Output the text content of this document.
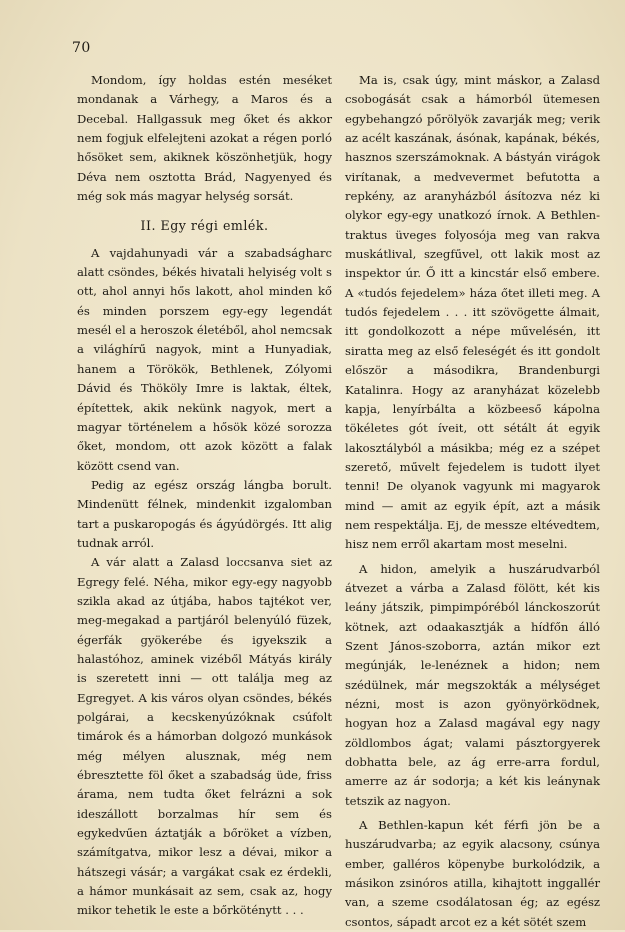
70

Mondom, így holdas estén meséket mondanak a Várhegy, a Maros és a Decebal. Hallgassuk meg őket és akkor nem fogjuk elfelejteni azokat a régen porló hősöket sem, akiknek köszönhetjük, hogy Déva nem osztotta Brád, Nagyenyed és még sok más magyar helység sorsát.

II. Egy régi emlék.

A vajdahunyadi vár a szabadságharc alatt csöndes, békés hivatali helyiség volt s ott, ahol annyi hős lakott, ahol minden kő és minden porszem egy-egy legendát mesél el a heroszok életéből, ahol nemcsak a világhírű nagyok, mint a Hunyadiak, hanem a Törökök, Bethlenek, Zólyomi Dávid és Thököly Imre is laktak, éltek, építettek, akik nekünk nagyok, mert a magyar történelem a hősök közé sorozza őket, mondom, ott azok között a falak között csend van.

Pedig az egész ország lángba borult. Mindenütt félnek, mindenkit izgalomban tart a puskaropogás és ágyúdörgés. Itt alig tudnak arról.

A vár alatt a Zalasd loccsanva siet az Egregy felé. Néha, mikor egy-egy nagyobb szikla akad az útjába, habos tajtékot ver, meg-megakad a partjáról belenyúló füzek, égerfák gyökerébe és igyekszik a halastóhoz, aminek vizéből Mátyás király is szeretett inni — ott találja meg az Egregyet. A kis város olyan csöndes, békés polgárai, a kecskenyúzóknak csúfolt timárok és a hámorban dolgozó munkások még mélyen alusznak, még nem ébresztette föl őket a szabadság üde, friss árama, nem tudta őket felrázni a sok ideszállott borzalmas hír sem és egykedvűen áztatják a bőröket a vízben, számítgatva, mikor lesz a dévai, mikor a hátszegi vásár; a vargákat csak ez érdekli, a hámor munkásait az sem, csak az, hogy mikor tehetik le este a bőrköténytt . . .

Ma is, csak úgy, mint máskor, a Zalasd csobogását csak a hámorból ütemesen egybehangzó pőrölyök zavarják meg; verik az acélt kaszának, ásónak, kapának, békés, hasznos szerszámoknak. A bástyán virágok virítanak, a medvevermet befutotta a repkény, az aranyházból ásítozva néz ki olykor egy-egy unatkozó írnok. A Bethlen-traktus üveges folyosója meg van rakva muskátlival, szegfűvel, ott lakik most az inspektor úr. Ő itt a kincstár első embere. A «tudós fejedelem» háza őtet illeti meg. A tudós fejedelem . . . itt szövögette álmait, itt gondolkozott a népe művelésén, itt siratta meg az első feleségét és itt gondolt először a másodikra, Brandenburgi Katalinra. Hogy az aranyházat közelebb kapja, lenyírbálta a közbeeső kápolna tökéletes gót íveit, ott sétált át egyik lakosztályból a másikba; még ez a szépet szerető, művelt fejedelem is tudott ilyet tenni! De olyanok vagyunk mi magyarok mind — amit az egyik épít, azt a másik nem respektálja. Ej, de messze eltévedtem, hisz nem erről akartam most meselni.

A hidon, amelyik a huszárudvarból átvezet a várba a Zalasd fölött, két kis leány játszik, pimpimpóréból lánckoszorút kötnek, azt odaakasztják a hídfőn álló Szent János-szoborra, aztán mikor ezt megúnják, le-lenéznek a hidon; nem szédülnek, már megszokták a mélységet nézni, most is azon gyönyörködnek, hogyan hoz a Zalasd magával egy nagy zöldlombos ágat; valami pásztorgyerek dobhatta bele, az ág erre-arra fordul, amerre az ár sodorja; a két kis leánynak tetszik az nagyon.

A Bethlen-kapun két férfi jön be a huszárudvarba; az egyik alacsony, csúnya ember, galléros köpenybe burkolódzik, a másikon zsinóros atilla, kihajtott inggallér van, a szeme csodálatosan ég; az egész csontos, sápadt arcot ez a két sötét szem
